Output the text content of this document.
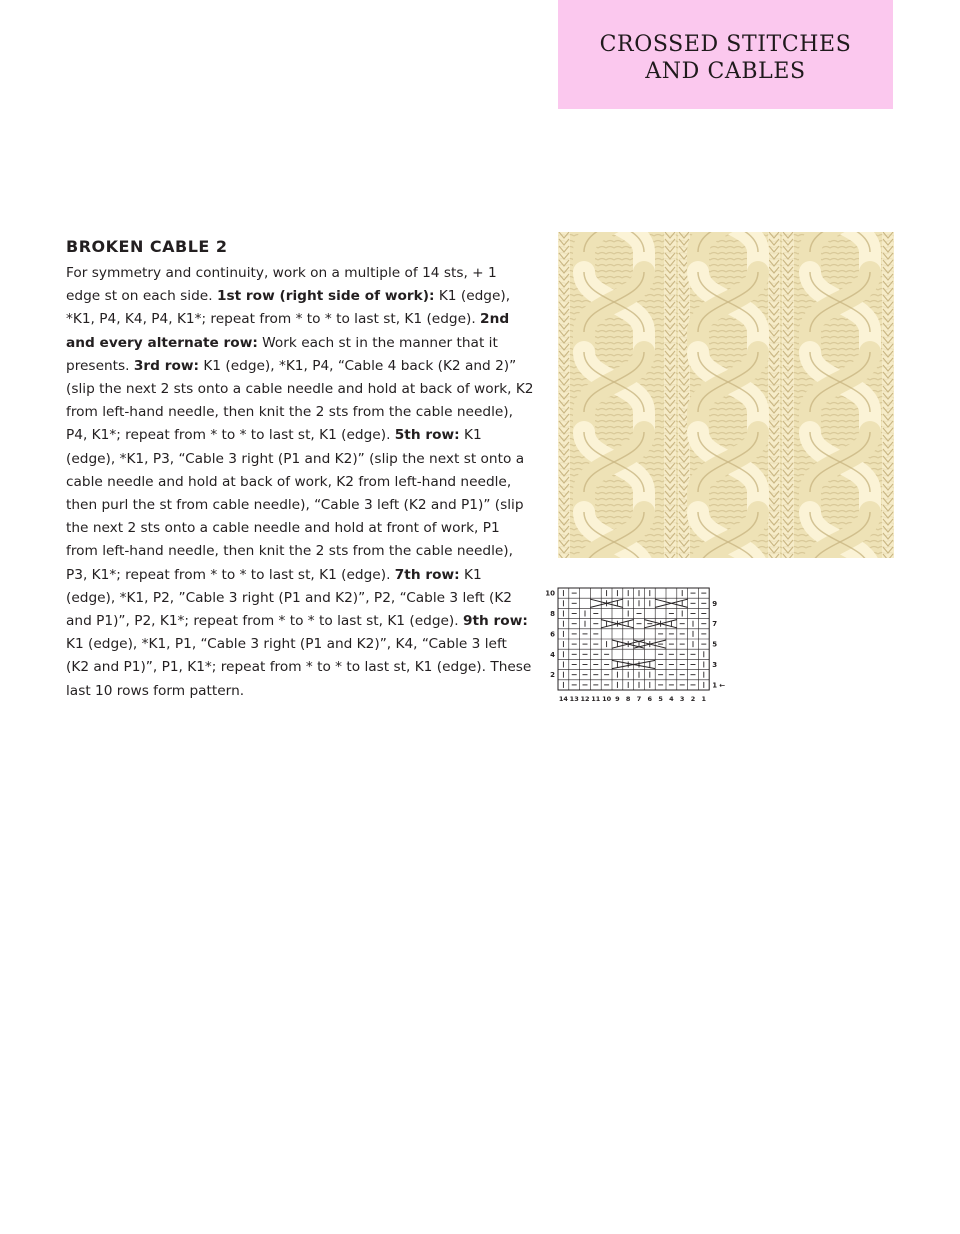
CROSSED STITCHES
AND CABLES
BROKEN CABLE 2

For symmetry and continuity, work on a multiple of 14 sts, + 1 edge st on each side. 1st row (right side of work): K1 (edge), *K1, P4, K4, P4, K1*; repeat from * to * to last st, K1 (edge). 2nd and every alternate row: Work each st in the manner that it presents. 3rd row: K1 (edge), *K1, P4, “Cable 4 back (K2 and 2)” (slip the next 2 sts onto a cable needle and hold at back of work, K2 from left-hand needle, then knit the 2 sts from the cable needle), P4, K1*; repeat from * to * to last st, K1 (edge). 5th row: K1 (edge), *K1, P3, “Cable 3 right (P1 and K2)” (slip the next st onto a cable needle and hold at back of work, K2 from left-hand needle, then purl the st from cable needle), “Cable 3 left (K2 and P1)” (slip the next 2 sts onto a cable needle and hold at front of work, P1 from left-hand needle, then knit the 2 sts from the cable needle), P3, K1*; repeat from * to * to last st, K1 (edge). 7th row: K1 (edge), *K1, P2, ”Cable 3 right (P1 and K2)”, P2, “Cable 3 left (K2 and P1)”, P2, K1*; repeat from * to * to last st, K1 (edge). 9th row: K1 (edge), *K1, P1, “Cable 3 right (P1 and K2)”, K4, “Cable 3 left (K2 and P1)”, P1, K1*; repeat from * to * to last st, K1 (edge). These last 10 rows form pattern.

10
8
6
4
2
9
7
5
3
1 ←
14 13 12 11 10 9 8 7 6 5 4 3 2 1
